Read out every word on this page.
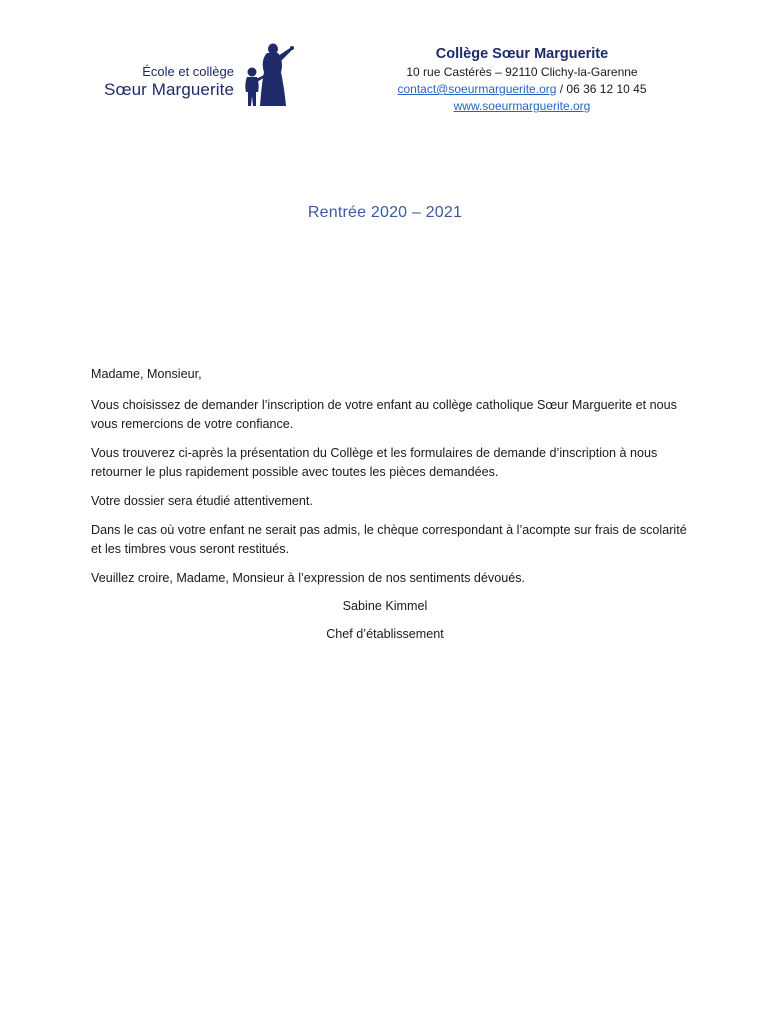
École et collège
Sœur Marguerite
Collège Sœur Marguerite
10 rue Castérès – 92110 Clichy-la-Garenne
contact@soeurmarguerite.org / 06 36 12 10 45
www.soeurmarguerite.org
Rentrée 2020 – 2021

Madame, Monsieur,

Vous choisissez de demander l’inscription de votre enfant au collège catholique Sœur Marguerite et nous vous remercions de votre confiance.

Vous trouverez ci-après la présentation du Collège et les formulaires de demande d’inscription à nous retourner le plus rapidement possible avec toutes les pièces demandées.

Votre dossier sera étudié attentivement.

Dans le cas où votre enfant ne serait pas admis, le chèque correspondant à l’acompte sur frais de scolarité et les timbres vous seront restitués.

Veuillez croire, Madame, Monsieur à l’expression de nos sentiments dévoués.

Sabine Kimmel
Chef d’établissement
